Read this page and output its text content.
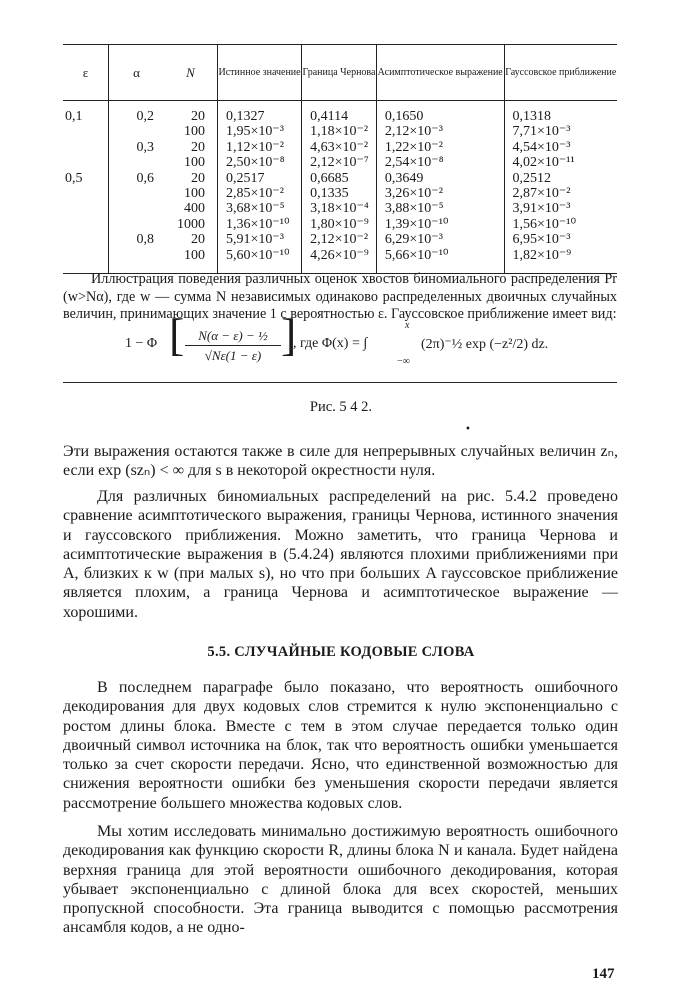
ε	α	N	Истинное значение	Граница Чернова	Асимптотическое выражение	Гауссовское приближение
0,1	0,2	20	0,1327	0,4114	0,1650	0,1318
		100	1,95×10⁻³	1,18×10⁻²	2,12×10⁻³	7,71×10⁻³
	0,3	20	1,12×10⁻²	4,63×10⁻²	1,22×10⁻²	4,54×10⁻³
		100	2,50×10⁻⁸	2,12×10⁻⁷	2,54×10⁻⁸	4,02×10⁻¹¹
0,5	0,6	20	0,2517	0,6685	0,3649	0,2512
		100	2,85×10⁻²	0,1335	3,26×10⁻²	2,87×10⁻²
		400	3,68×10⁻⁵	3,18×10⁻⁴	3,88×10⁻⁵	3,91×10⁻³
		1000	1,36×10⁻¹⁰	1,80×10⁻⁹	1,39×10⁻¹⁰	1,56×10⁻¹⁰
	0,8	20	5,91×10⁻³	2,12×10⁻²	6,29×10⁻³	6,95×10⁻³
		100	5,60×10⁻¹⁰	4,26×10⁻⁹	5,66×10⁻¹⁰	1,82×10⁻⁹
Иллюстрация поведения различных оценок хвостов биномиального распределения Pr (w>Nα), где w — сумма N независимых одинаково распределенных двоичных случайных величин, принимающих значение 1 с вероятностью ε. Гауссовское приближение имеет вид:
1 − Φ [ $\frac{\text{N(α − ε) − ½}}{√N\varepsilon(1 - \varepsilon)}$ ]
, где Φ(x) = ∫
x
−∞
(2π)⁻½ exp (−z²/2) dz.
Рис. 5 4 2.
•

Эти выражения остаются также в силе для непрерывных случайных величин zₙ, если exp (szₙ) < ∞ для s в некоторой окрестности нуля.

Для различных биномиальных распределений на рис. 5.4.2 проведено сравнение асимптотического выражения, границы Чернова, истинного значения и гауссовского приближения. Можно заметить, что граница Чернова и асимптотические выражения в (5.4.24) являются плохими приближениями при A, близких к w (при малых s), но что при больших A гауссовское приближение является плохим, а граница Чернова и асимптотическое выражение — хорошими.

5.5. СЛУЧАЙНЫЕ КОДОВЫЕ СЛОВА

В последнем параграфе было показано, что вероятность ошибочного декодирования для двух кодовых слов стремится к нулю экспоненциально с ростом длины блока. Вместе с тем в этом случае передается только один двоичный символ источника на блок, так что вероятность ошибки уменьшается только за счет скорости передачи. Ясно, что единственной возможностью для снижения вероятности ошибки без уменьшения скорости передачи является рассмотрение большего множества кодовых слов.

Мы хотим исследовать минимально достижимую вероятность ошибочного декодирования как функцию скорости R, длины блока N и канала. Будет найдена верхняя граница для этой вероятности ошибочного декодирования, которая убывает экспоненциально с длиной блока для всех скоростей, меньших пропускной способности. Эта граница выводится с помощью рассмотрения ансамбля кодов, а не одно-

147
